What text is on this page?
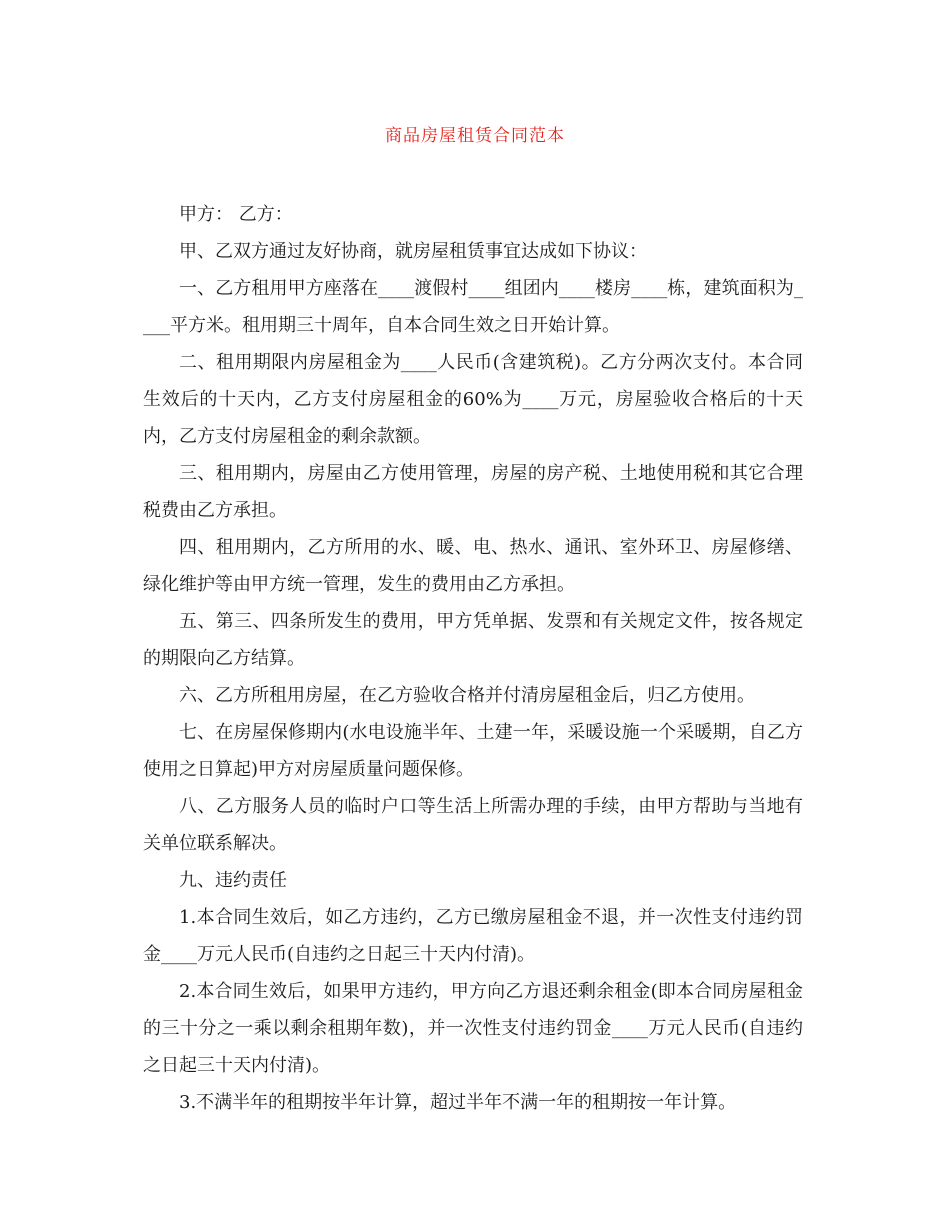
商品房屋租赁合同范本

甲方： 乙方：

甲、乙双方通过友好协商，就房屋租赁事宜达成如下协议：

一、乙方租用甲方座落在____渡假村____组团内____楼房____栋，建筑面积为____平方米。租用期三十周年，自本合同生效之日开始计算。

二、租用期限内房屋租金为____人民币(含建筑税)。乙方分两次支付。本合同生效后的十天内，乙方支付房屋租金的60%为____万元，房屋验收合格后的十天内，乙方支付房屋租金的剩余款额。

三、租用期内，房屋由乙方使用管理，房屋的房产税、土地使用税和其它合理税费由乙方承担。

四、租用期内，乙方所用的水、暖、电、热水、通讯、室外环卫、房屋修缮、绿化维护等由甲方统一管理，发生的费用由乙方承担。

五、第三、四条所发生的费用，甲方凭单据、发票和有关规定文件，按各规定的期限向乙方结算。

六、乙方所租用房屋，在乙方验收合格并付清房屋租金后，归乙方使用。

七、在房屋保修期内(水电设施半年、土建一年，采暖设施一个采暖期，自乙方使用之日算起)甲方对房屋质量问题保修。

八、乙方服务人员的临时户口等生活上所需办理的手续，由甲方帮助与当地有关单位联系解决。

九、违约责任

1.本合同生效后，如乙方违约，乙方已缴房屋租金不退，并一次性支付违约罚金____万元人民币(自违约之日起三十天内付清)。

2.本合同生效后，如果甲方违约，甲方向乙方退还剩余租金(即本合同房屋租金的三十分之一乘以剩余租期年数)，并一次性支付违约罚金____万元人民币(自违约之日起三十天内付清)。

3.不满半年的租期按半年计算，超过半年不满一年的租期按一年计算。
